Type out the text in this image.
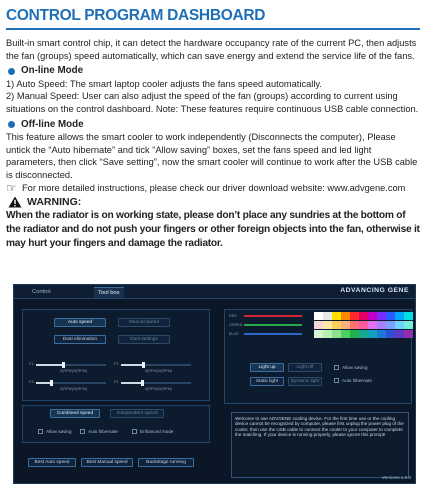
CONTROL PROGRAM DASHBOARD

Built-in smart control chip, it can detect the hardware occupancy rate of the current PC, then adjusts the fan (groups) speed automatically, which can save energy and extend the service life of the fans.

On-line Mode

1) Auto Speed: The smart laptop cooler adjusts the fans speed automatically.

2) Manual Speed: User can also adjust the speed of the fan (groups) according to current using situations on the control dashboard. Note: These features require continuous USB cable connection.

Off-line Mode

This feature allows the smart cooler to work independently (Disconnects the computer), Please untick the “Auto hibernate” and tick “Allow saving” boxes, set the fans speed and led light parameters, then click “Save setting”, now the smart cooler will continue to work after the USB cable is disconnected.

☞ For more detailed instructions, please check our driver download website: www.advgene.com

WARNING:

When the radiator is on working state, please don’t place any sundries at the bottom of the radiator and do not push your fingers or other foreign objects into the fan, otherwise it may hurt your fingers and damage the radiator.

Control	Tool box	ADVANCING GENE
Auto speed	Manual speed
Dust elimination	Dust settings
F1
0(RPM)/0(RPM)
F2
0(RPM)/0(RPM)
F3
0(RPM)/0(RPM)
F4
0(RPM)/0(RPM)
Combined speed	Independent speed
Allow saving	Auto hibernate	Enhanced mode
Best Auto speed	Best Manual speed	Backstage running
RED
GREEN
BLUE
Light up	Light off
Static light	Dynamic light
Allow saving
Auto hibernate
Welcome to use ADVGENE cooling device. For the first time use or the cooling device cannot be recognized by computer, please first unplug the power plug of the cooler, then use the USB cable to connect the cooler to your computer to complete the matching. If your device is running properly, please ignore this prompt!
Versions 1.0.8
